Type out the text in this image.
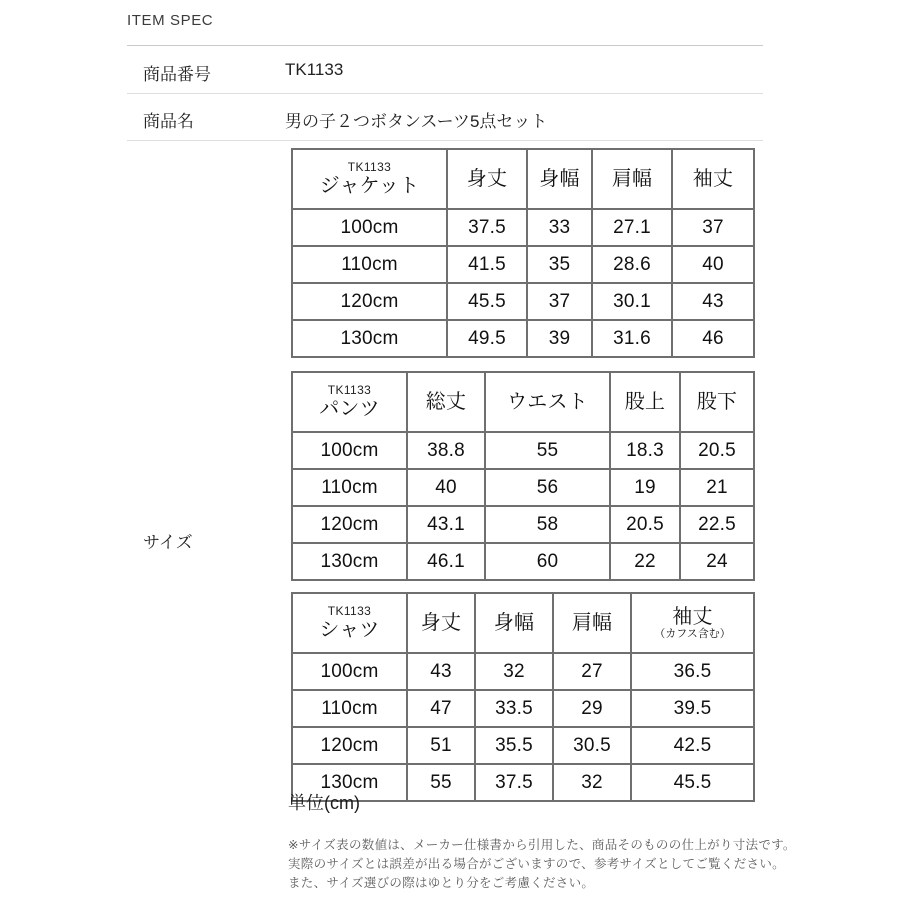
ITEM SPEC
商品番号	TK1133
商品名	男の子２つボタンスーツ5点セット
サイズ
TK1133
ジャケット	身丈	身幅	肩幅	袖丈

100cm	37.5	33	27.1	37
110cm	41.5	35	28.6	40
120cm	45.5	37	30.1	43
130cm	49.5	39	31.6	46
TK1133
パンツ	総丈	ウエスト	股上	股下

100cm	38.8	55	18.3	20.5
110cm	40	56	19	21
120cm	43.1	58	20.5	22.5
130cm	46.1	60	22	24
TK1133
シャツ	身丈	身幅	肩幅	袖丈
（カフス含む）

100cm	43	32	27	36.5
110cm	47	33.5	29	39.5
120cm	51	35.5	30.5	42.5
130cm	55	37.5	32	45.5
単位(cm)
※サイズ表の数値は、メーカー仕様書から引用した、商品そのものの仕上がり寸法です。
実際のサイズとは誤差が出る場合がございますので、参考サイズとしてご覧ください。
また、サイズ選びの際はゆとり分をご考慮ください。
